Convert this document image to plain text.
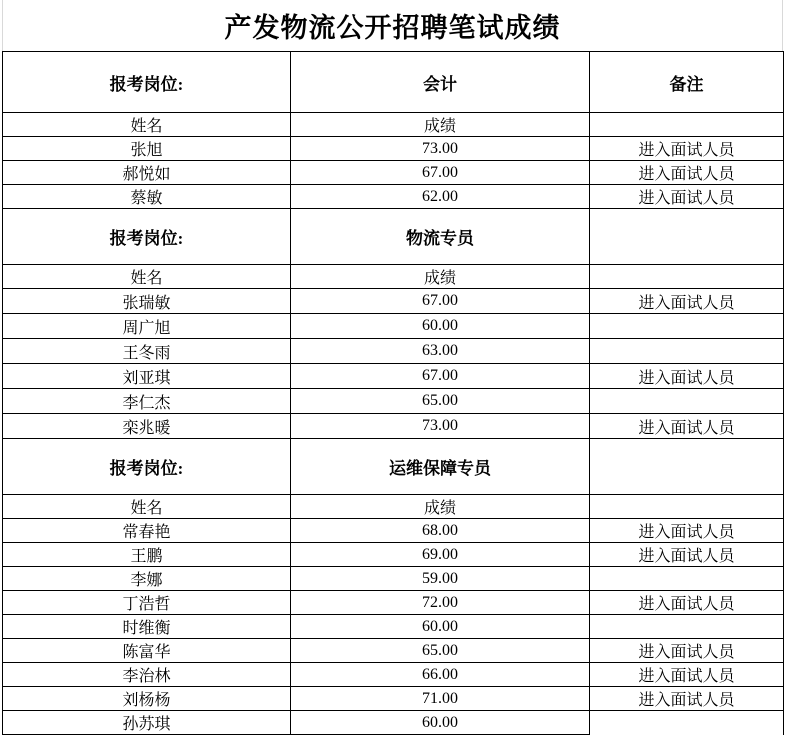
产发物流公开招聘笔试成绩
报考岗位:	会计	备注
姓名	成绩	
张旭	73.00	进入面试人员
郝悦如	67.00	进入面试人员
蔡敏	62.00	进入面试人员
报考岗位:	物流专员	
姓名	成绩	
张瑞敏	67.00	进入面试人员
周广旭	60.00	
王冬雨	63.00	
刘亚琪	67.00	进入面试人员
李仁杰	65.00	
栾兆暖	73.00	进入面试人员
报考岗位:	运维保障专员	
姓名	成绩	
常春艳	68.00	进入面试人员
王鹏	69.00	进入面试人员
李娜	59.00	
丁浩哲	72.00	进入面试人员
时维衡	60.00	
陈富华	65.00	进入面试人员
李治林	66.00	进入面试人员
刘杨杨	71.00	进入面试人员
孙苏琪	60.00	
